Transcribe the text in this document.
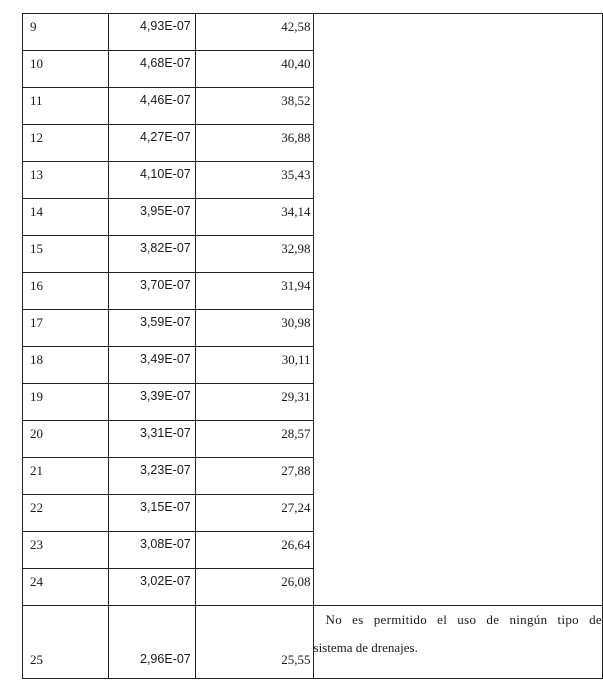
9	4,93E-07	42,58	

10	4,68E-07	40,40	

11	4,46E-07	38,52	

12	4,27E-07	36,88	

13	4,10E-07	35,43	

14	3,95E-07	34,14	

15	3,82E-07	32,98	

16	3,70E-07	31,94	

17	3,59E-07	30,98	

18	3,49E-07	30,11	

19	3,39E-07	29,31	

20	3,31E-07	28,57	

21	3,23E-07	27,88	

22	3,15E-07	27,24	

23	3,08E-07	26,64	

24	3,02E-07	26,08	

25	2,96E-07	25,55	No es permitido el uso de ningún tipo de
sistema de drenajes.
